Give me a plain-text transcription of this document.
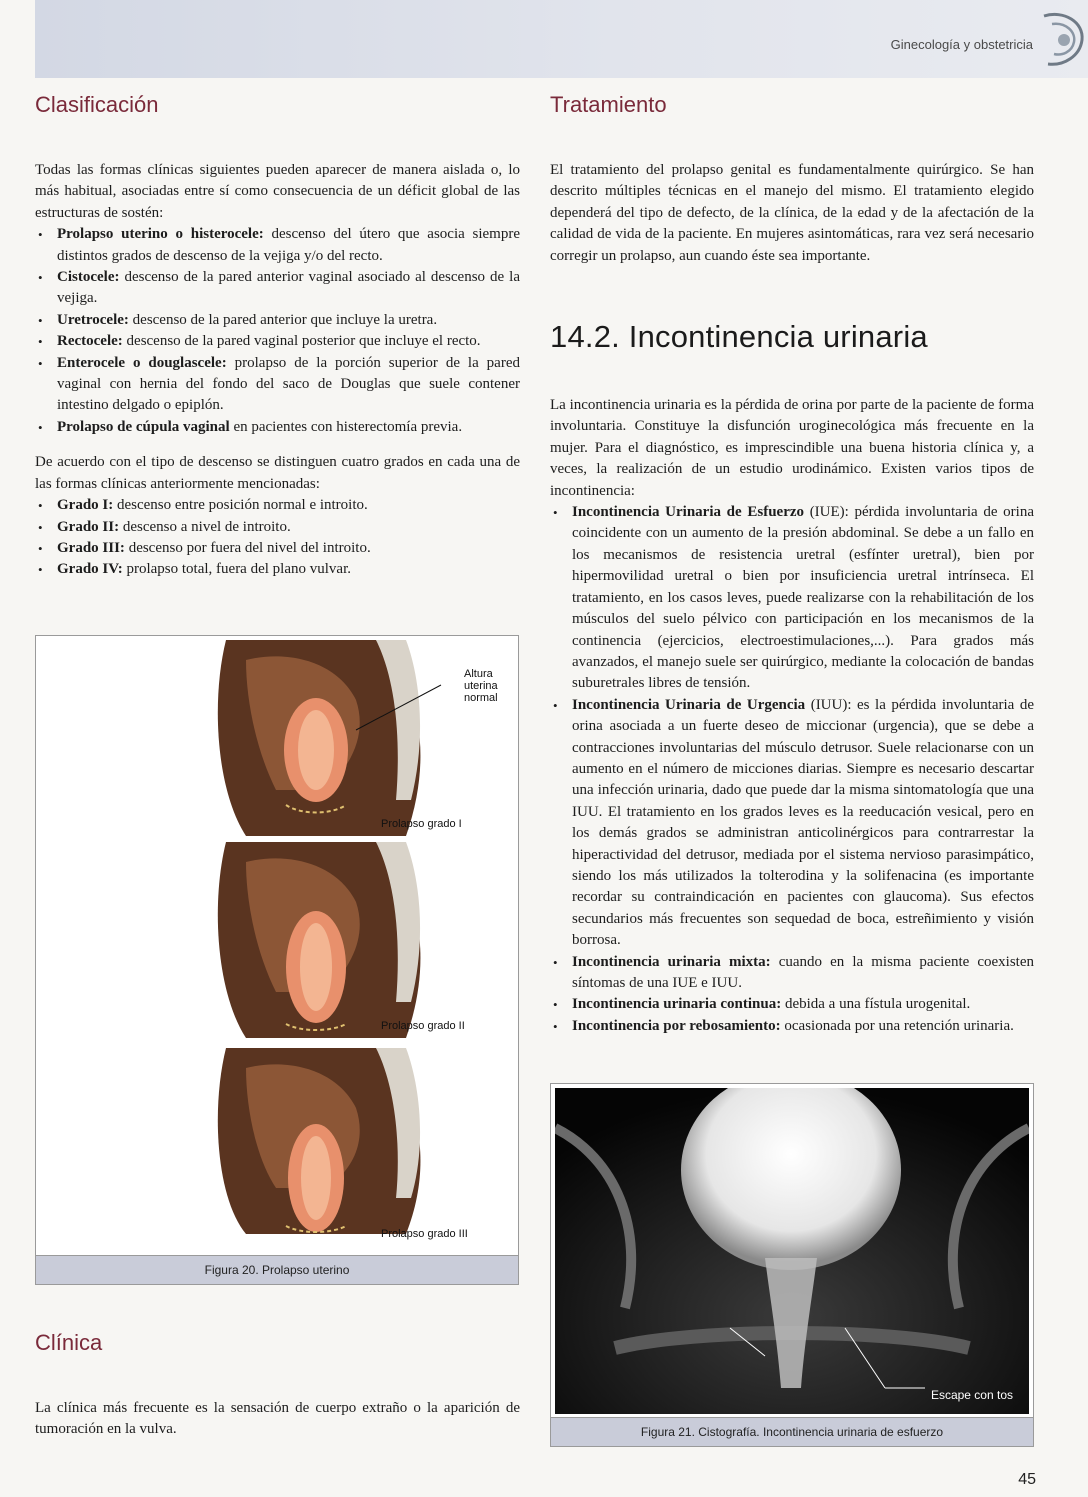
Ginecología y obstetricia
Clasificación

Todas las formas clínicas siguientes pueden aparecer de manera aislada o, lo más habitual, asociadas entre sí como consecuencia de un déficit global de las estructuras de sostén:

• Prolapso uterino o histerocele: descenso del útero que asocia siempre distintos grados de descenso de la vejiga y/o del recto.
• Cistocele: descenso de la pared anterior vaginal asociado al descenso de la vejiga.
• Uretrocele: descenso de la pared anterior que incluye la uretra.
• Rectocele: descenso de la pared vaginal posterior que incluye el recto.
• Enterocele o douglascele: prolapso de la porción superior de la pared vaginal con hernia del fondo del saco de Douglas que suele contener intestino delgado o epiplón.
• Prolapso de cúpula vaginal en pacientes con histerectomía previa.

De acuerdo con el tipo de descenso se distinguen cuatro grados en cada una de las formas clínicas anteriormente mencionadas:

• Grado I: descenso entre posición normal e introito.
• Grado II: descenso a nivel de introito.
• Grado III: descenso por fuera del nivel del introito.
• Grado IV: prolapso total, fuera del plano vulvar.
Altura
uterina
normal
Prolapso grado I
Prolapso grado II
Prolapso grado III
Figura 20. Prolapso uterino
Clínica

La clínica más frecuente es la sensación de cuerpo extraño o la aparición de tumoración en la vulva.

Tratamiento

El tratamiento del prolapso genital es fundamentalmente quirúrgico. Se han descrito múltiples técnicas en el manejo del mismo. El tratamiento elegido dependerá del tipo de defecto, de la clínica, de la edad y de la afectación de la calidad de vida de la paciente. En mujeres asintomáticas, rara vez será necesario corregir un prolapso, aun cuando éste sea importante.

14.2. Incontinencia urinaria

La incontinencia urinaria es la pérdida de orina por parte de la paciente de forma involuntaria. Constituye la disfunción uroginecológica más frecuente en la mujer. Para el diagnóstico, es imprescindible una buena historia clínica y, a veces, la realización de un estudio urodinámico. Existen varios tipos de incontinencia:

• Incontinencia Urinaria de Esfuerzo (IUE): pérdida involuntaria de orina coincidente con un aumento de la presión abdominal. Se debe a un fallo en los mecanismos de resistencia uretral (esfínter uretral), bien por hipermovilidad uretral o bien por insuficiencia uretral intrínseca. El tratamiento, en los casos leves, puede realizarse con la rehabilitación de los músculos del suelo pélvico con participación en los mecanismos de la continencia (ejercicios, electroestimulaciones,...). Para grados más avanzados, el manejo suele ser quirúrgico, mediante la colocación de bandas suburetrales libres de tensión.
• Incontinencia Urinaria de Urgencia (IUU): es la pérdida involuntaria de orina asociada a un fuerte deseo de miccionar (urgencia), que se debe a contracciones involuntarias del músculo detrusor. Suele relacionarse con un aumento en el número de micciones diarias. Siempre es necesario descartar una infección urinaria, dado que puede dar la misma sintomatología que una IUU. El tratamiento en los grados leves es la reeducación vesical, pero en los demás grados se administran anticolinérgicos para contrarrestar la hiperactividad del detrusor, mediada por el sistema nervioso parasimpático, siendo los más utilizados la tolterodina y la solifenacina (es importante recordar su contraindicación en pacientes con glaucoma). Sus efectos secundarios más frecuentes son sequedad de boca, estreñimiento y visión borrosa.
• Incontinencia urinaria mixta: cuando en la misma paciente coexisten síntomas de una IUE e IUU.
• Incontinencia urinaria continua: debida a una fístula urogenital.
• Incontinencia por rebosamiento: ocasionada por una retención urinaria.
Escape con tos
Figura 21. Cistografía. Incontinencia urinaria de esfuerzo
45
